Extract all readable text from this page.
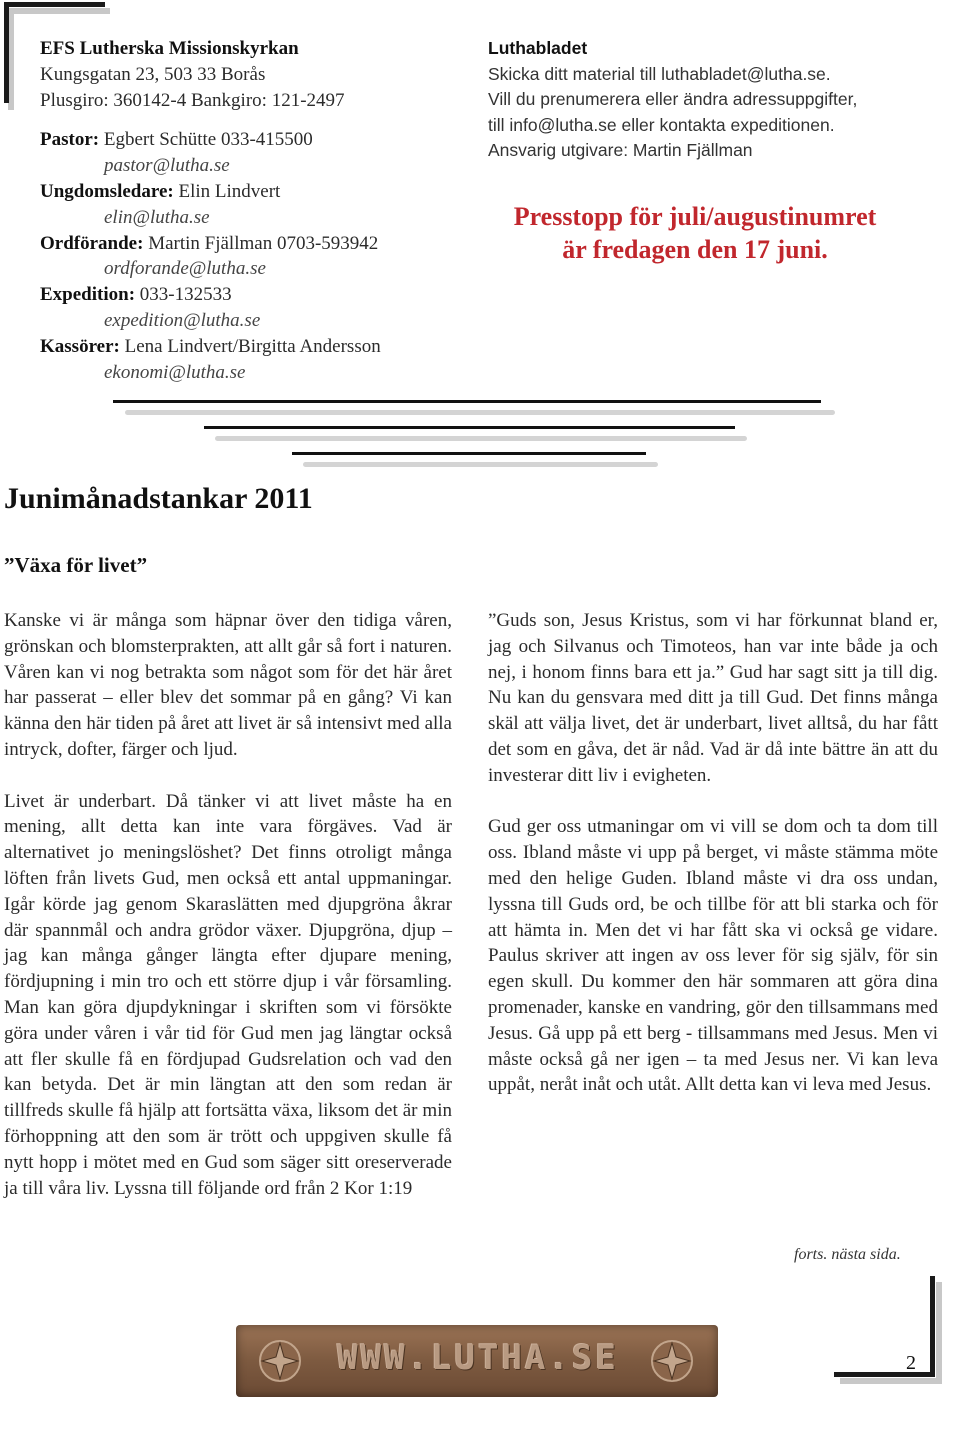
EFS Lutherska Missionskyrkan
Kungsgatan 23, 503 33 Borås
Plusgiro: 360142-4 Bankgiro: 121-2497
Pastor: Egbert Schütte 033-415500
pastor@lutha.se
Ungdomsledare: Elin Lindvert
elin@lutha.se
Ordförande: Martin Fjällman 0703-593942
ordforande@lutha.se
Expedition: 033-132533
expedition@lutha.se
Kassörer: Lena Lindvert/Birgitta Andersson
ekonomi@lutha.se
Luthabladet
Skicka ditt material till luthabladet@lutha.se.
Vill du prenumerera eller ändra adressuppgifter,
till info@lutha.se eller kontakta expeditionen.
Ansvarig utgivare: Martin Fjällman
Presstopp för juli/augustinumret
är fredagen den 17 juni.
Junimånadstankar 2011
”Växa för livet”

Kanske vi är många som häpnar över den tidiga våren, grönskan och blomsterprakten, att allt går så fort i naturen. Våren kan vi nog betrakta som något som för det här året har passerat – eller blev det sommar på en gång? Vi kan känna den här tiden på året att livet är så intensivt med alla intryck, dofter, färger och ljud.

Livet är underbart. Då tänker vi att livet måste ha en mening, allt detta kan inte vara förgäves. Vad är alternativet jo meningslöshet? Det finns otroligt många löften från livets Gud, men också ett antal uppmaningar. Igår körde jag genom Skaraslätten med djupgröna åkrar där spannmål och andra grödor växer. Djupgröna, djup – jag kan många gånger längta efter djupare mening, fördjupning i min tro och ett större djup i vår församling. Man kan göra djupdykningar i skriften som vi försökte göra under våren i vår tid för Gud men jag längtar också att fler skulle få en fördjupad Gudsrelation och vad den kan betyda. Det är min längtan att den som redan är tillfreds skulle få hjälp att fortsätta växa, liksom det är min förhoppning att den som är trött och uppgiven skulle få nytt hopp i mötet med en Gud som säger sitt oreserverade ja till våra liv. Lyssna till följande ord från 2 Kor 1:19

”Guds son, Jesus Kristus, som vi har förkunnat bland er, jag och Silvanus och Timoteos, han var inte både ja och nej, i honom finns bara ett ja.” Gud har sagt sitt ja till dig. Nu kan du gensvara med ditt ja till Gud. Det finns många skäl att välja livet, det är underbart, livet alltså, du har fått det som en gåva, det är nåd. Vad är då inte bättre än att du investerar ditt liv i evigheten.

Gud ger oss utmaningar om vi vill se dom och ta dom till oss. Ibland måste vi upp på berget, vi måste stämma möte med den helige Guden. Ibland måste vi dra oss undan, lyssna till Guds ord, be och tillbe för att bli starka och för att hämta in. Men det vi har fått ska vi också ge vidare. Paulus skriver att ingen av oss lever för sig själv, för sin egen skull. Du kommer den här sommaren att göra dina promenader, kanske en vandring, gör den tillsammans med Jesus. Gå upp på ett berg - tillsammans med Jesus. Men vi måste också gå ner igen – ta med Jesus ner. Vi kan leva uppåt, neråt inåt och utåt. Allt detta kan vi leva med Jesus.

forts. nästa sida.
WWW.LUTHA.SE	2
